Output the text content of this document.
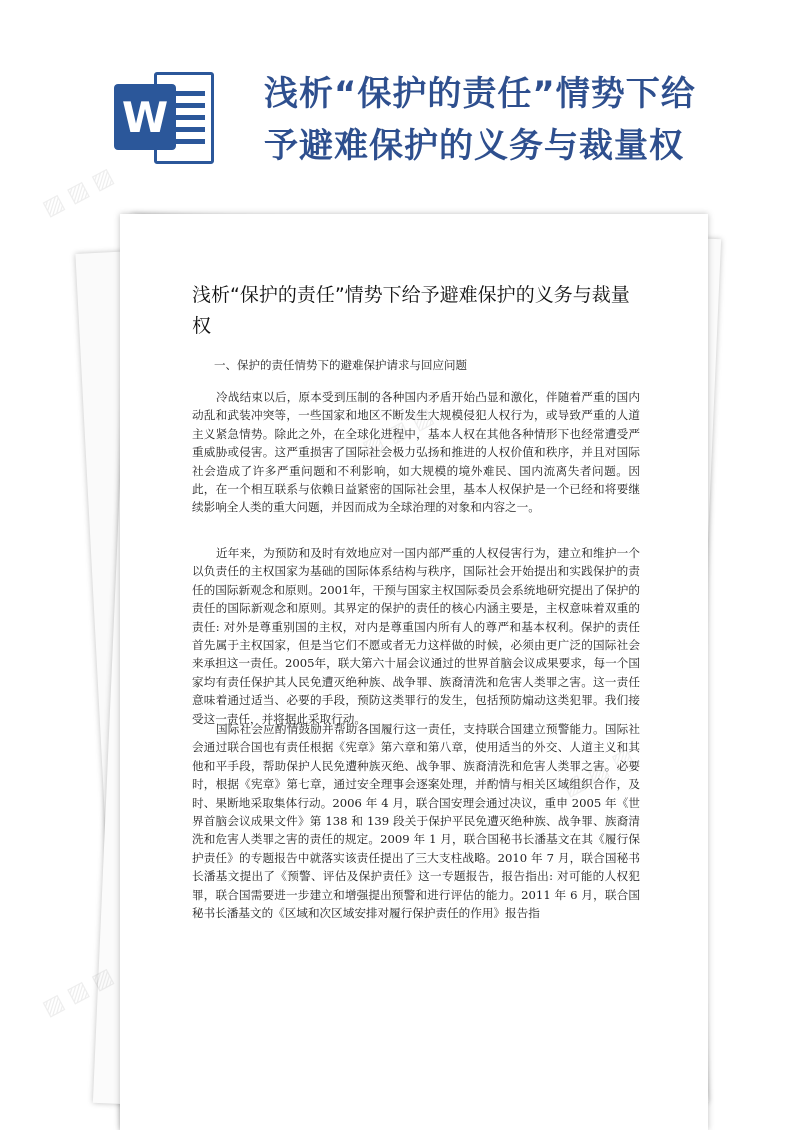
W	浅析“保护的责任”情势下给予避难保护的义务与裁量权
浅析“保护的责任”情势下给予避难保护的义务与裁量权
一、保护的责任情势下的避难保护请求与回应问题
冷战结束以后，原本受到压制的各种国内矛盾开始凸显和激化，伴随着严重的国内动乱和武装冲突等，一些国家和地区不断发生大规模侵犯人权行为，或导致严重的人道主义紧急情势。除此之外，在全球化进程中，基本人权在其他各种情形下也经常遭受严重威胁或侵害。这严重损害了国际社会极力弘扬和推进的人权价值和秩序，并且对国际社会造成了许多严重问题和不利影响，如大规模的境外难民、国内流离失者问题。因此，在一个相互联系与依赖日益紧密的国际社会里，基本人权保护是一个已经和将要继续影响全人类的重大问题，并因而成为全球治理的对象和内容之一。
近年来，为预防和及时有效地应对一国内部严重的人权侵害行为，建立和维护一个以负责任的主权国家为基础的国际体系结构与秩序，国际社会开始提出和实践保护的责任的国际新观念和原则。2001年，干预与国家主权国际委员会系统地研究提出了保护的责任的国际新观念和原则。其界定的保护的责任的核心内涵主要是，主权意味着双重的责任: 对外是尊重别国的主权，对内是尊重国内所有人的尊严和基本权利。保护的责任首先属于主权国家，但是当它们不愿或者无力这样做的时候，必须由更广泛的国际社会来承担这一责任。2005年，联大第六十届会议通过的世界首脑会议成果要求，每一个国家均有责任保护其人民免遭灭绝种族、战争罪、族裔清洗和危害人类罪之害。这一责任意味着通过适当、必要的手段，预防这类罪行的发生，包括预防煽动这类犯罪。我们接受这一责任，并将据此采取行动。
国际社会应酌情鼓励并帮助各国履行这一责任，支持联合国建立预警能力。国际社会通过联合国也有责任根据《宪章》第六章和第八章，使用适当的外交、人道主义和其他和平手段，帮助保护人民免遭种族灭绝、战争罪、族裔清洗和危害人类罪之害。必要时，根据《宪章》第七章，通过安全理事会逐案处理，并酌情与相关区域组织合作，及时、果断地采取集体行动。2006 年 4 月，联合国安理会通过决议，重申 2005 年《世界首脑会议成果文件》第 138 和 139 段关于保护平民免遭灭绝种族、战争罪、族裔清洗和危害人类罪之害的责任的规定。2009 年 1 月，联合国秘书长潘基文在其《履行保护责任》的专题报告中就落实该责任提出了三大支柱战略。2010 年 7 月，联合国秘书长潘基文提出了《预警、评估及保护责任》这一专题报告，报告指出: 对可能的人权犯罪，联合国需要进一步建立和增强提出预警和进行评估的能力。2011 年 6 月，联合国秘书长潘基文的《区域和次区域安排对履行保护责任的作用》报告指
▨ ▨ ▨
▨ ▨ ▨
